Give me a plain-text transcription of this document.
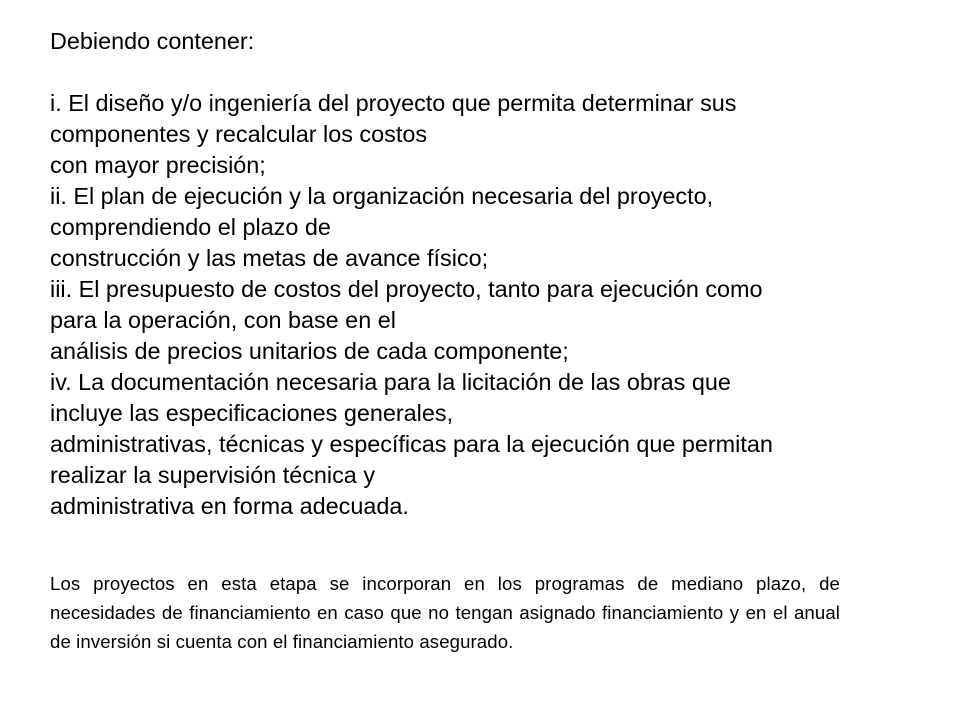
Debiendo contener:
i. El diseño y/o ingeniería del proyecto que permita determinar sus
componentes y recalcular los costos
con mayor precisión;
ii. El plan de ejecución y la organización necesaria del proyecto,
comprendiendo el plazo de
construcción y las metas de avance físico;
iii. El presupuesto de costos del proyecto, tanto para ejecución como
para la operación, con base en el
análisis de precios unitarios de cada componente;
iv. La documentación necesaria para la licitación de las obras que
incluye las especificaciones generales,
administrativas, técnicas y específicas para la ejecución que permitan
realizar la supervisión técnica y
administrativa en forma adecuada.

Los proyectos en esta etapa se incorporan en los programas de mediano plazo, de necesidades de financiamiento en caso que no tengan asignado financiamiento y en el anual de inversión si cuenta con el financiamiento asegurado.
